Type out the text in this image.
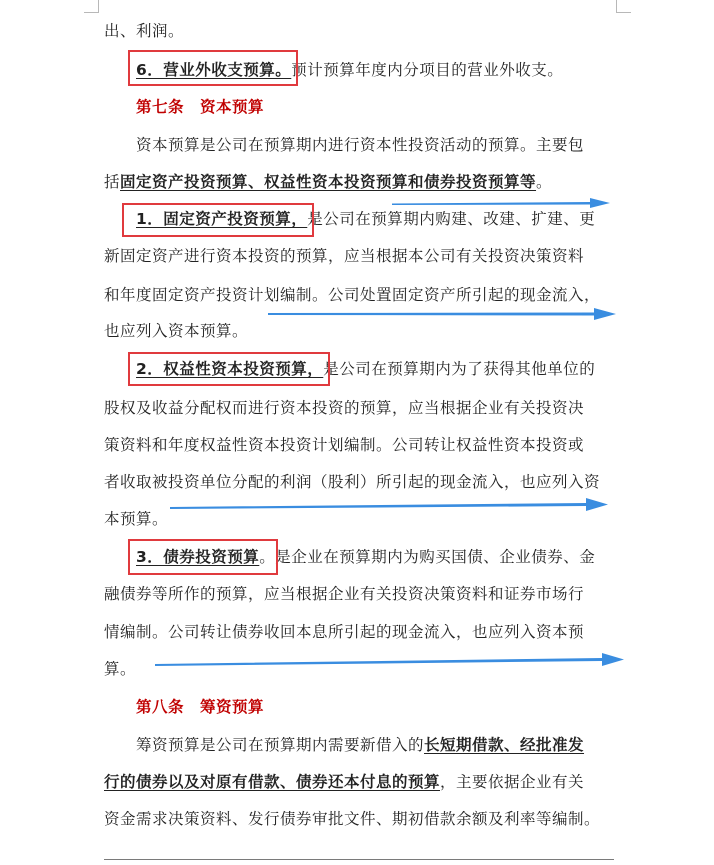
出、利润。
6．营业外收支预算。预计预算年度内分项目的营业外收支。
第七条　资本预算
资本预算是公司在预算期内进行资本性投资活动的预算。主要包
括固定资产投资预算、权益性资本投资预算和债券投资预算等。
1．固定资产投资预算，是公司在预算期内购建、改建、扩建、更
新固定资产进行资本投资的预算，应当根据本公司有关投资决策资料
和年度固定资产投资计划编制。公司处置固定资产所引起的现金流入，
也应列入资本预算。
2．权益性资本投资预算，是公司在预算期内为了获得其他单位的
股权及收益分配权而进行资本投资的预算，应当根据企业有关投资决
策资料和年度权益性资本投资计划编制。公司转让权益性资本投资或
者收取被投资单位分配的利润（股利）所引起的现金流入，也应列入资
本预算。
3．债券投资预算。是企业在预算期内为购买国债、企业债券、金
融债券等所作的预算，应当根据企业有关投资决策资料和证券市场行
情编制。公司转让债券收回本息所引起的现金流入，也应列入资本预
算。
第八条　筹资预算
筹资预算是公司在预算期内需要新借入的长短期借款、经批准发
行的债券以及对原有借款、债券还本付息的预算，主要依据企业有关
资金需求决策资料、发行债券审批文件、期初借款余额及利率等编制。
